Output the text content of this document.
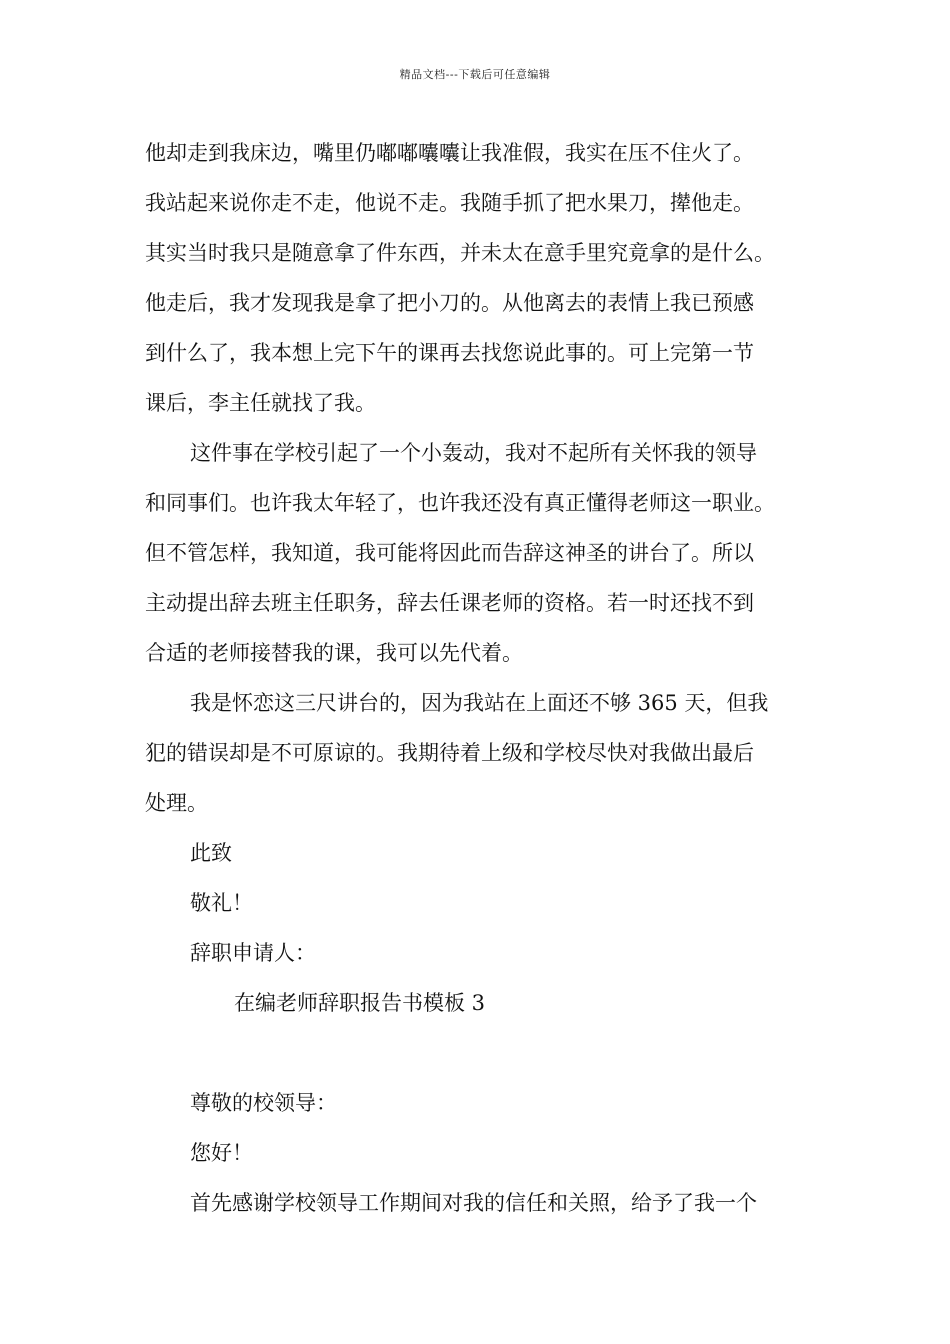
精品文档---下载后可任意编辑
他却走到我床边，嘴里仍嘟嘟囔囔让我准假，我实在压不住火了。
我站起来说你走不走，他说不走。我随手抓了把水果刀，撵他走。
其实当时我只是随意拿了件东西，并未太在意手里究竟拿的是什么。
他走后，我才发现我是拿了把小刀的。从他离去的表情上我已预感
到什么了，我本想上完下午的课再去找您说此事的。可上完第一节
课后，李主任就找了我。
这件事在学校引起了一个小轰动，我对不起所有关怀我的领导
和同事们。也许我太年轻了，也许我还没有真正懂得老师这一职业。
但不管怎样，我知道，我可能将因此而告辞这神圣的讲台了。所以
主动提出辞去班主任职务，辞去任课老师的资格。若一时还找不到
合适的老师接替我的课，我可以先代着。
我是怀恋这三尺讲台的，因为我站在上面还不够 365 天，但我
犯的错误却是不可原谅的。我期待着上级和学校尽快对我做出最后
处理。
此致
敬礼！
辞职申请人：
在编老师辞职报告书模板 3
尊敬的校领导：
您好！
首先感谢学校领导工作期间对我的信任和关照，给予了我一个
